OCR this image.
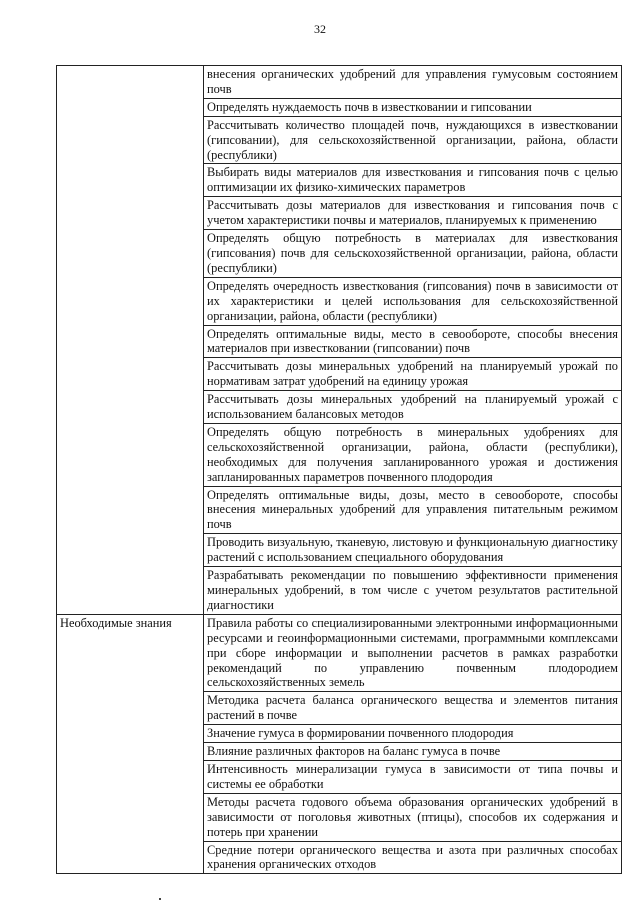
32
	внесения органических удобрений для управления гумусовым состоянием почв
	Определять нуждаемость почв в известковании и гипсовании
	Рассчитывать количество площадей почв, нуждающихся в известковании (гипсовании), для сельскохозяйственной организации, района, области (республики)
	Выбирать виды материалов для известкования и гипсования почв с целью оптимизации их физико-химических параметров
	Рассчитывать дозы материалов для известкования и гипсования почв с учетом характеристики почвы и материалов, планируемых к применению
	Определять общую потребность в материалах для известкования (гипсования) почв для сельскохозяйственной организации, района, области (республики)
	Определять очередность известкования (гипсования) почв в зависимости от их характеристики и целей использования для сельскохозяйственной организации, района, области (республики)
	Определять оптимальные виды, место в севообороте, способы внесения материалов при известковании (гипсовании) почв
	Рассчитывать дозы минеральных удобрений на планируемый урожай по нормативам затрат удобрений на единицу урожая
	Рассчитывать дозы минеральных удобрений на планируемый урожай с использованием балансовых методов
	Определять общую потребность в минеральных удобрениях для сельскохозяйственной организации, района, области (республики), необходимых для получения запланированного урожая и достижения запланированных параметров почвенного плодородия
	Определять оптимальные виды, дозы, место в севообороте, способы внесения минеральных удобрений для управления питательным режимом почв
	Проводить визуальную, тканевую, листовую и функциональную диагностику растений с использованием специального оборудования
	Разрабатывать рекомендации по повышению эффективности применения минеральных удобрений, в том числе с учетом результатов растительной диагностики
Необходимые знания	Правила работы со специализированными электронными информационными ресурсами и геоинформационными системами, программными комплексами при сборе информации и выполнении расчетов в рамках разработки рекомендаций по управлению почвенным плодородием сельскохозяйственных земель
	Методика расчета баланса органического вещества и элементов питания растений в почве
	Значение гумуса в формировании почвенного плодородия
	Влияние различных факторов на баланс гумуса в почве
	Интенсивность минерализации гумуса в зависимости от типа почвы и системы ее обработки
	Методы расчета годового объема образования органических удобрений в зависимости от поголовья животных (птицы), способов их содержания и потерь при хранении
	Средние потери органического вещества и азота при различных способах хранения органических отходов
